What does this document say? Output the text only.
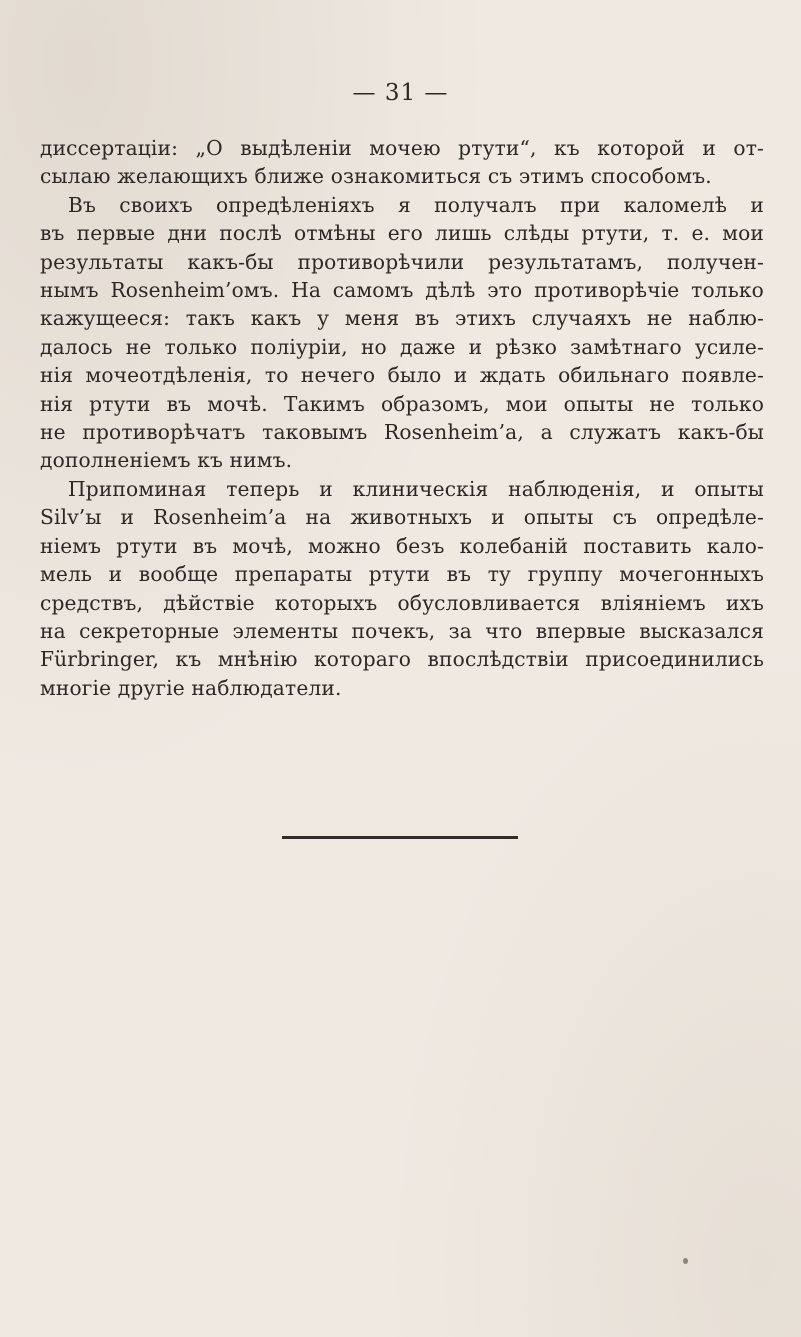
— 31 —
диссертаціи: „О выдѣленіи мочею ртути“, къ которой и от-
сылаю желающихъ ближе ознакомиться съ этимъ способомъ.
Въ своихъ опредѣленіяхъ я получалъ при каломелѣ и
въ первые дни послѣ отмѣны его лишь слѣды ртути, т. е. мои
результаты какъ-бы противорѣчили результатамъ, получен-
нымъ Rosenheim’омъ. На самомъ дѣлѣ это противорѣчіе только
кажущееся: такъ какъ у меня въ этихъ случаяхъ не наблю-
далось не только поліуріи, но даже и рѣзко замѣтнаго усиле-
нія мочеотдѣленія, то нечего было и ждать обильнаго появле-
нія ртути въ мочѣ. Такимъ образомъ, мои опыты не только
не противорѣчатъ таковымъ Rosenheim’а, а служатъ какъ-бы
дополненіемъ къ нимъ.
Припоминая теперь и клиническія наблюденія, и опыты
Silv’ы и Rosenheim’а на животныхъ и опыты съ опредѣле-
ніемъ ртути въ мочѣ, можно безъ колебаній поставить кало-
мель и вообще препараты ртути въ ту группу мочегонныхъ
средствъ, дѣйствіе которыхъ обусловливается вліяніемъ ихъ
на секреторные элементы почекъ, за что впервые высказался
Fürbringer, къ мнѣнію котораго впослѣдствіи присоединились
многіе другіе наблюдатели.
